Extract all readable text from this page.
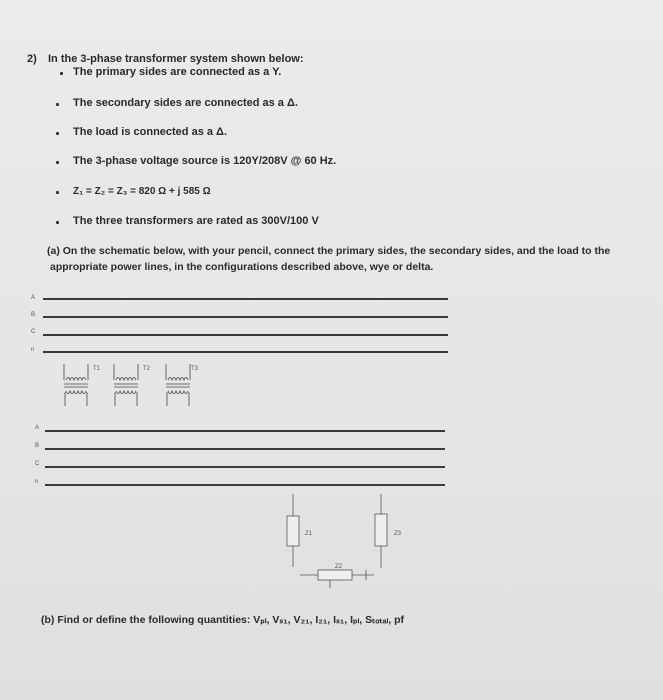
2) In the 3-phase transformer system shown below:
The primary sides are connected as a Y.
The secondary sides are connected as a Δ.
The load is connected as a Δ.
The 3-phase voltage source is 120Y/208V @ 60 Hz.
Z₁ = Z₂ = Z₃ = 820 Ω + j 585 Ω
The three transformers are rated as 300V/100 V
(a) On the schematic below, with your pencil, connect the primary sides, the secondary sides, and the load to the
appropriate power lines, in the configurations described above, wye or delta.
A
B
C
n
T1	T2	T3
A
B
C
n
Z1
Z2
Z3
(b) Find or define the following quantities: Vₚₗ, Vₛ₁, V₂₁, I₂₁, Iₛ₁, Iₚₗ, Sₜₒₜₐₗ, pf
